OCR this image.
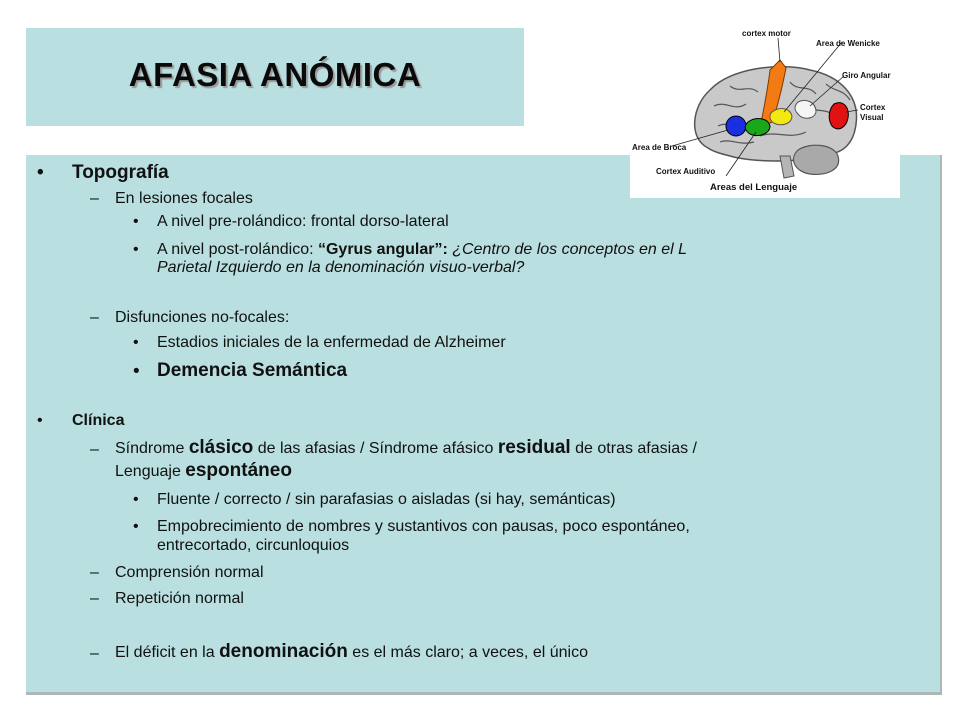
AFASIA ANÓMICA
cortex motor
Area de Wenicke
Giro Angular
Cortex
Visual
Area de Broca
Cortex Auditivo
Areas del Lenguaje
• Topografía
– En lesiones focales
• A nivel pre-rolándico: frontal dorso-lateral
• A nivel post-rolándico: “Gyrus angular”: ¿Centro de los conceptos en el L
Parietal Izquierdo en la denominación visuo-verbal?
– Disfunciones no-focales:
• Estadios iniciales de la enfermedad de Alzheimer
• Demencia Semántica
• Clínica
– Síndrome clásico de las afasias / Síndrome afásico residual de otras afasias /
Lenguaje espontáneo
• Fluente / correcto / sin parafasias o aisladas (si hay, semánticas)
• Empobrecimiento de nombres y sustantivos con pausas, poco espontáneo,
entrecortado, circunloquios
– Comprensión normal
– Repetición normal
– El déficit en la denominación es el más claro; a veces, el único
